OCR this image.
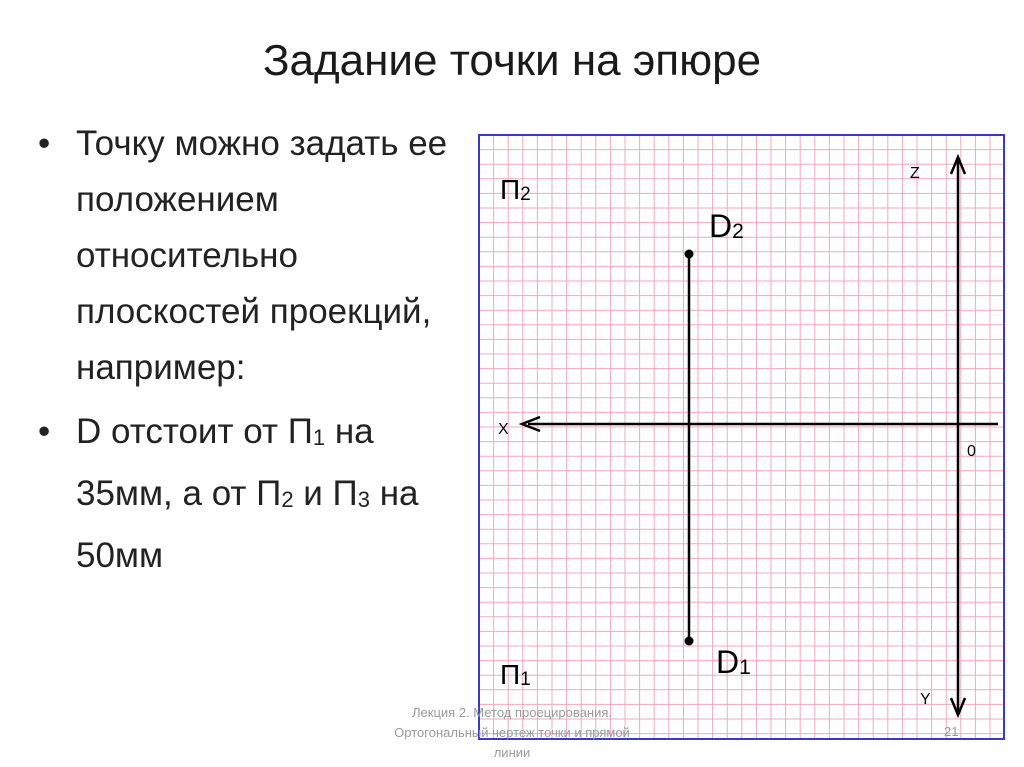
Задание точки на эпюре
• Точку можно задать ее положением относительно плоскостей проекций, например:
• D отстоит от $П_1$ на 35мм, а от $П_2$ и $П_3$ на 50мм
П2
П1
D2
D1
X
Z
Y
0
Лекция 2. Метод проецирования.
Ортогональный чертеж точки и прямой
линии
21
